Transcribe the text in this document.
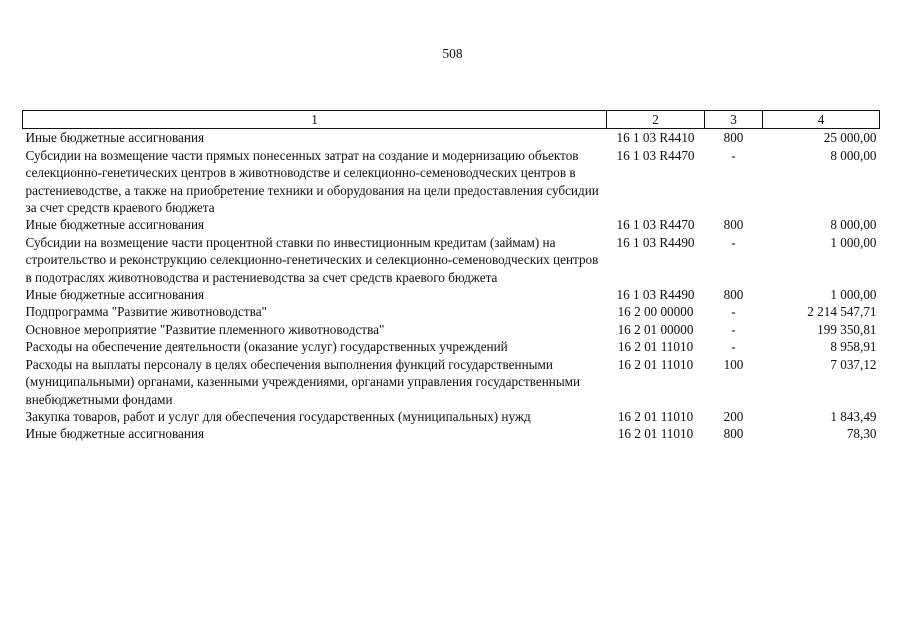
508
1	2	3	4
Иные бюджетные ассигнования	16 1 03 R4410	800	25 000,00
Субсидии на возмещение части прямых понесенных затрат на создание и модернизацию объектов селекционно-генетических центров в животноводстве и селекционно-семеноводческих центров в растениеводстве, а также на приобретение техники и оборудования на цели предоставления субсидии за счет средств краевого бюджета	16 1 03 R4470	-	8 000,00
Иные бюджетные ассигнования	16 1 03 R4470	800	8 000,00
Субсидии на возмещение части процентной ставки по инвестиционным кредитам (займам) на строительство и реконструкцию селекционно-генетических и селекционно-семеноводческих центров в подотраслях животноводства и растениеводства за счет средств краевого бюджета	16 1 03 R4490	-	1 000,00
Иные бюджетные ассигнования	16 1 03 R4490	800	1 000,00
Подпрограмма "Развитие животноводства"	16 2 00 00000	-	2 214 547,71
Основное мероприятие "Развитие племенного животноводства"	16 2 01 00000	-	199 350,81
Расходы на обеспечение деятельности (оказание услуг) государственных учреждений	16 2 01 11010	-	8 958,91
Расходы на выплаты персоналу в целях обеспечения выполнения функций государственными (муниципальными) органами, казенными учреждениями, органами управления государственными внебюджетными фондами	16 2 01 11010	100	7 037,12
Закупка товаров, работ и услуг для обеспечения государственных (муниципальных) нужд	16 2 01 11010	200	1 843,49
Иные бюджетные ассигнования	16 2 01 11010	800	78,30
